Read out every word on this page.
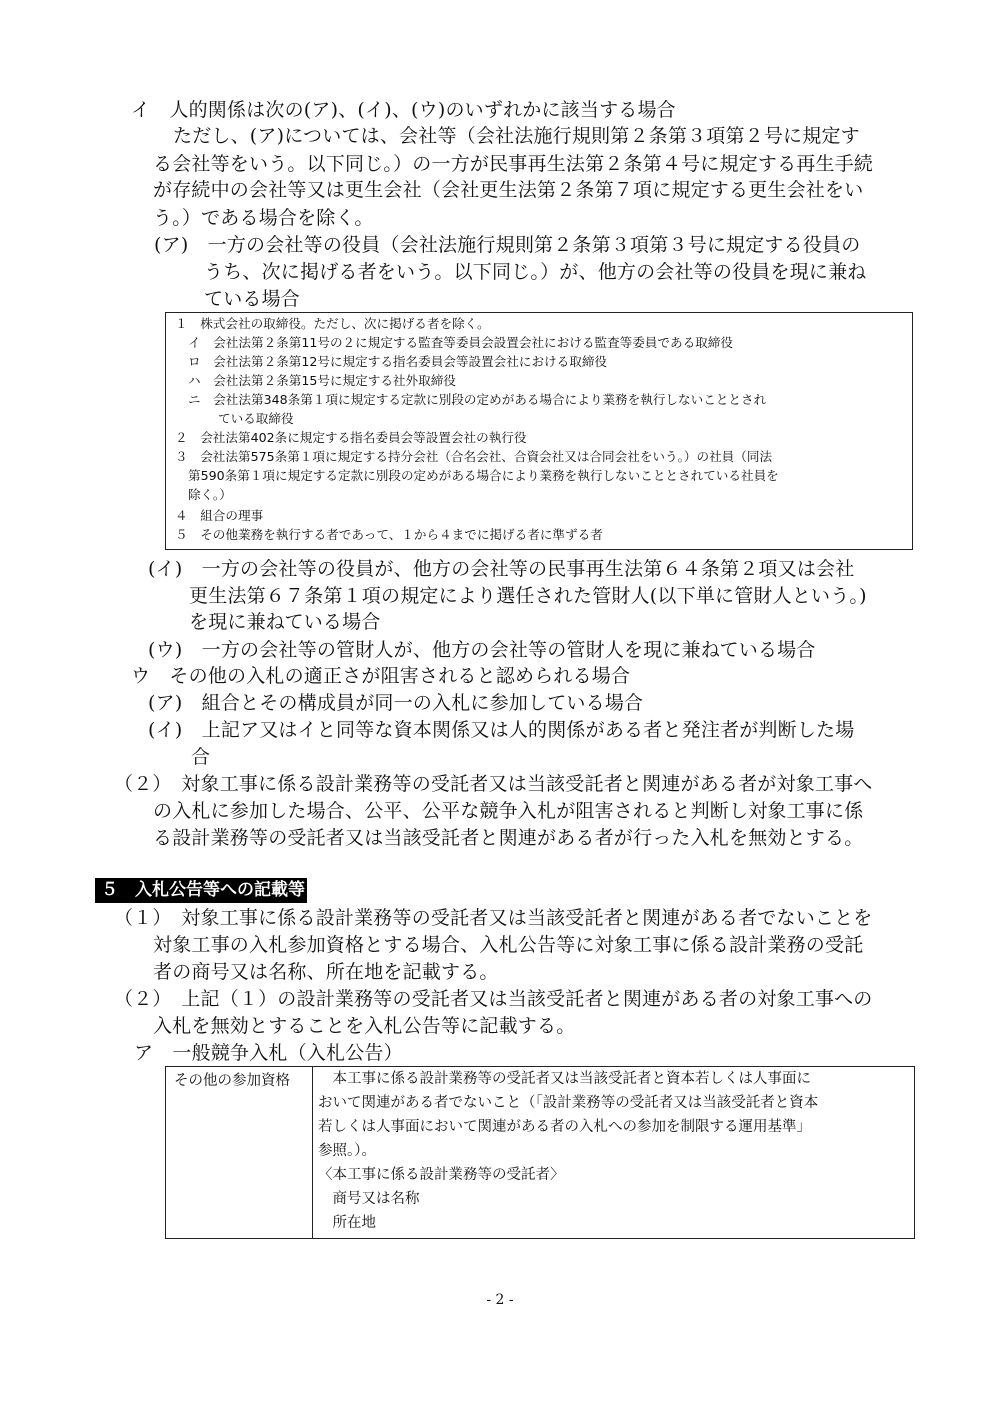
イ　人的関係は次の(ア)、(イ)、(ウ)のいずれかに該当する場合
ただし、(ア)については、会社等（会社法施行規則第２条第３項第２号に規定す
る会社等をいう。以下同じ。）の一方が民事再生法第２条第４号に規定する再生手続
が存続中の会社等又は更生会社（会社更生法第２条第７項に規定する更生会社をい
う。）である場合を除く。
(ア)　一方の会社等の役員（会社法施行規則第２条第３項第３号に規定する役員の
うち、次に掲げる者をいう。以下同じ。）が、他方の会社等の役員を現に兼ね
ている場合
１　株式会社の取締役。ただし、次に掲げる者を除く。
イ　会社法第２条第11号の２に規定する監査等委員会設置会社における監査等委員である取締役
ロ　会社法第２条第12号に規定する指名委員会等設置会社における取締役
ハ　会社法第２条第15号に規定する社外取締役
ニ　会社法第348条第１項に規定する定款に別段の定めがある場合により業務を執行しないこととされ
ている取締役
２　会社法第402条に規定する指名委員会等設置会社の執行役
３　会社法第575条第１項に規定する持分会社（合名会社、合資会社又は合同会社をいう。）の社員（同法
第590条第１項に規定する定款に別段の定めがある場合により業務を執行しないこととされている社員を
除く。）
４　組合の理事
５　その他業務を執行する者であって、１から４までに掲げる者に準ずる者
(イ)　一方の会社等の役員が、他方の会社等の民事再生法第６４条第２項又は会社
更生法第６７条第１項の規定により選任された管財人(以下単に管財人という。)
を現に兼ねている場合
(ウ)　一方の会社等の管財人が、他方の会社等の管財人を現に兼ねている場合
ウ　その他の入札の適正さが阻害されると認められる場合
(ア)　組合とその構成員が同一の入札に参加している場合
(イ)　上記ア又はイと同等な資本関係又は人的関係がある者と発注者が判断した場
合
（２）　対象工事に係る設計業務等の受託者又は当該受託者と関連がある者が対象工事へ
の入札に参加した場合、公平、公平な競争入札が阻害されると判断し対象工事に係
る設計業務等の受託者又は当該受託者と関連がある者が行った入札を無効とする。
５　入札公告等への記載等
（１）　対象工事に係る設計業務等の受託者又は当該受託者と関連がある者でないことを
対象工事の入札参加資格とする場合、入札公告等に対象工事に係る設計業務の受託
者の商号又は名称、所在地を記載する。
（２）　上記（１）の設計業務等の受託者又は当該受託者と関連がある者の対象工事への
入札を無効とすることを入札公告等に記載する。
ア　一般競争入札（入札公告）
その他の参加資格	　本工事に係る設計業務等の受託者又は当該受託者と資本若しくは人事面に
おいて関連がある者でないこと（「設計業務等の受託者又は当該受託者と資本
若しくは人事面において関連がある者の入札への参加を制限する運用基準」
参照。）。
〈本工事に係る設計業務等の受託者〉
　商号又は名称
　所在地
- 2 -
